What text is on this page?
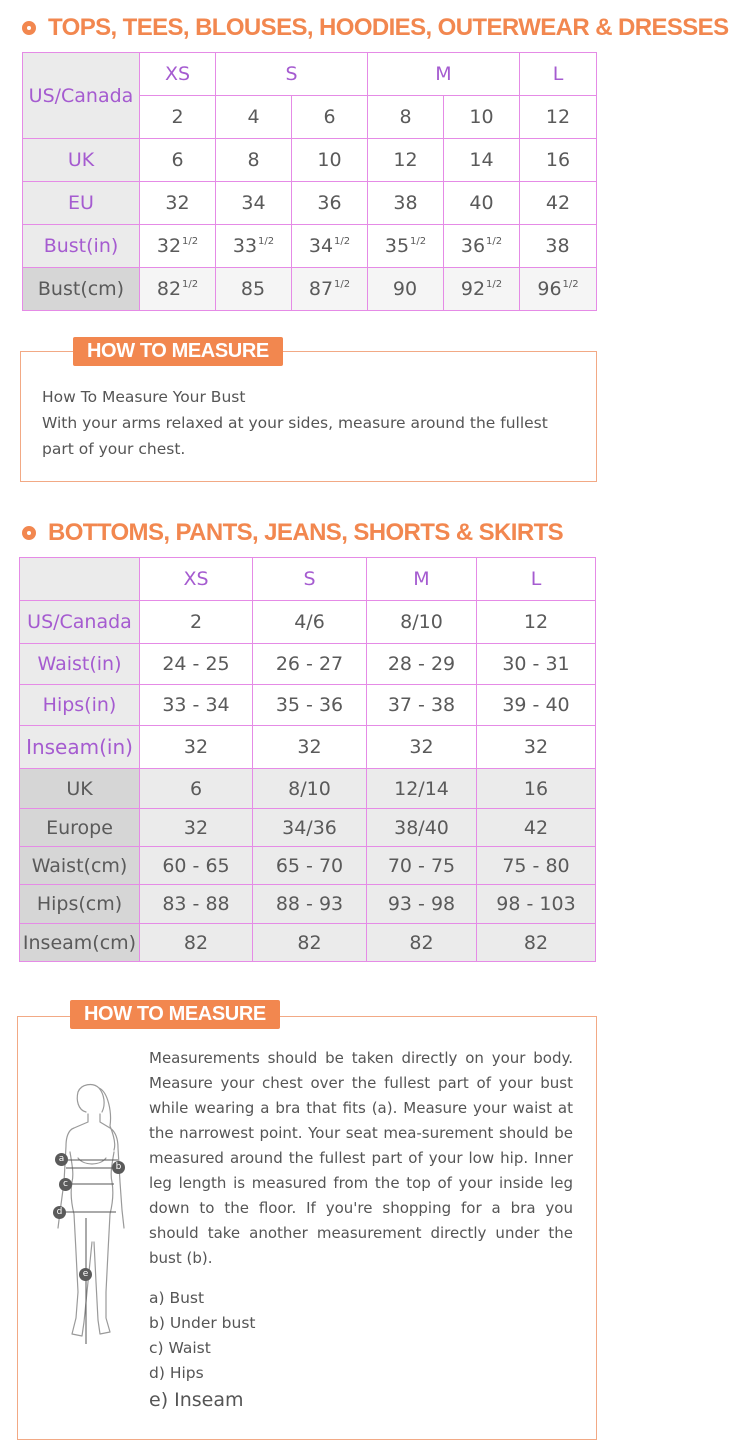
TOPS, TEES, BLOUSES, HOODIES, OUTERWEAR & DRESSES
US/Canada	XS	S		M		L
	2	4	6	8	10	12
UK	6	8	10	12	14	16
EU	32	34	36	38	40	42
Bust(in)	$32^{1/2}$	$33^{1/2}$	$34^{1/2}$	$35^{1/2}$	$36^{1/2}$	38
Bust(cm)	$82^{1/2}$	85	$87^{1/2}$	90	$92^{1/2}$	$96^{1/2}$
HOW TO MEASURE
How To Measure Your Bust
With your arms relaxed at your sides, measure around the fullest
part of your chest.
BOTTOMS, PANTS, JEANS, SHORTS & SKIRTS
	XS	S	M	L
US/Canada	2	4/6	8/10	12
Waist(in)	24 - 25	26 - 27	28 - 29	30 - 31
Hips(in)	33 - 34	35 - 36	37 - 38	39 - 40
Inseam(in)	32	32	32	32
UK	6	8/10	12/14	16
Europe	32	34/36	38/40	42
Waist(cm)	60 - 65	65 - 70	70 - 75	75 - 80
Hips(cm)	83 - 88	88 - 93	93 - 98	98 - 103
Inseam(cm)	82	82	82	82
HOW TO MEASURE
a
b
c
d
e
Measurements should be taken directly on your body. Measure your chest over the fullest part of your bust while wearing a bra that fits (a). Measure your waist at the narrowest point. Your seat mea-surement should be measured around the fullest part of your low hip. Inner leg length is measured from the top of your inside leg down to the floor. If you're shopping for a bra you should take another measurement directly under the bust (b).
a) Bust
b) Under bust
c) Waist
d) Hips
e) Inseam
